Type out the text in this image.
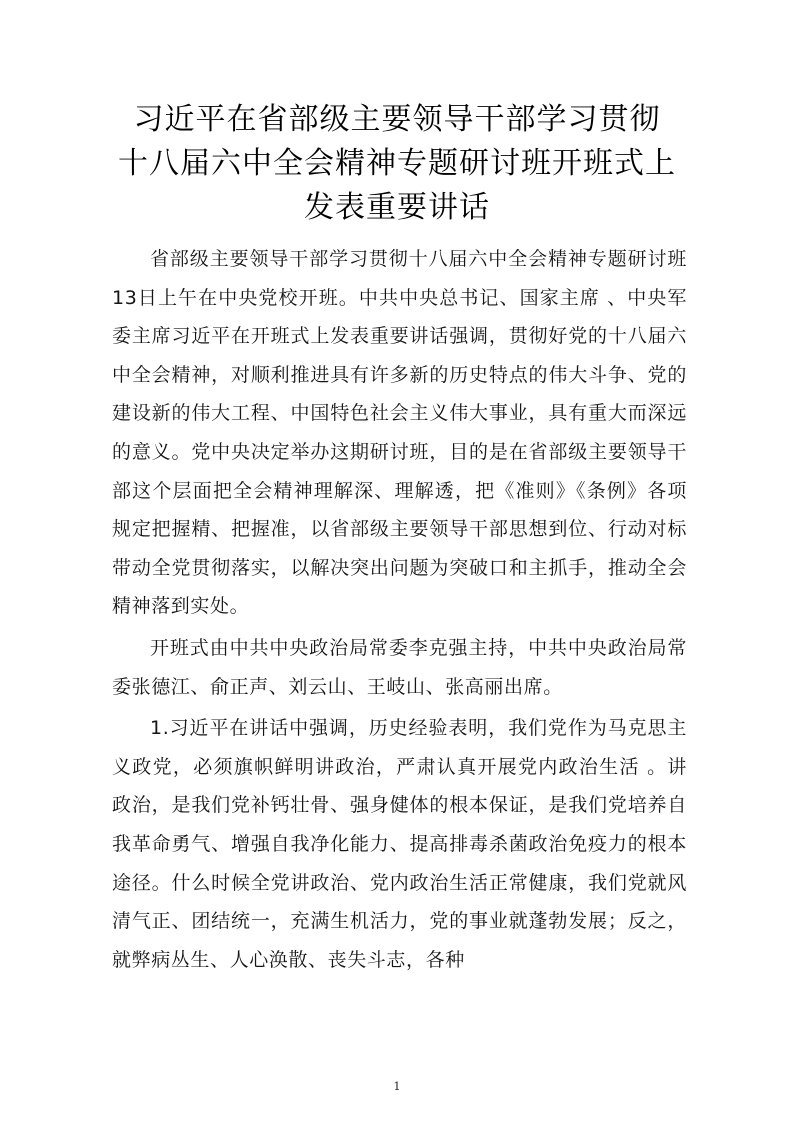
习近平在省部级主要领导干部学习贯彻
十八届六中全会精神专题研讨班开班式上
发表重要讲话

省部级主要领导干部学习贯彻十八届六中全会精神专题研讨班13日上午在中央党校开班。中共中央总书记、国家主席 、中央军委主席习近平在开班式上发表重要讲话强调，贯彻好党的十八届六中全会精神，对顺利推进具有许多新的历史特点的伟大斗争、党的建设新的伟大工程、中国特色社会主义伟大事业，具有重大而深远的意义。党中央决定举办这期研讨班，目的是在省部级主要领导干部这个层面把全会精神理解深、理解透，把《准则》《条例》各项规定把握精、把握准，以省部级主要领导干部思想到位、行动对标带动全党贯彻落实，以解决突出问题为突破口和主抓手，推动全会精神落到实处。

开班式由中共中央政治局常委李克强主持，中共中央政治局常委张德江、俞正声、刘云山、王岐山、张高丽出席。

1.习近平在讲话中强调，历史经验表明，我们党作为马克思主义政党，必须旗帜鲜明讲政治，严肃认真开展党内政治生活 。讲政治，是我们党补钙壮骨、强身健体的根本保证，是我们党培养自我革命勇气、增强自我净化能力、提高排毒杀菌政治免疫力的根本途径。什么时候全党讲政治、党内政治生活正常健康，我们党就风清气正、团结统一，充满生机活力，党的事业就蓬勃发展；反之，就弊病丛生、人心涣散、丧失斗志，各种

1
